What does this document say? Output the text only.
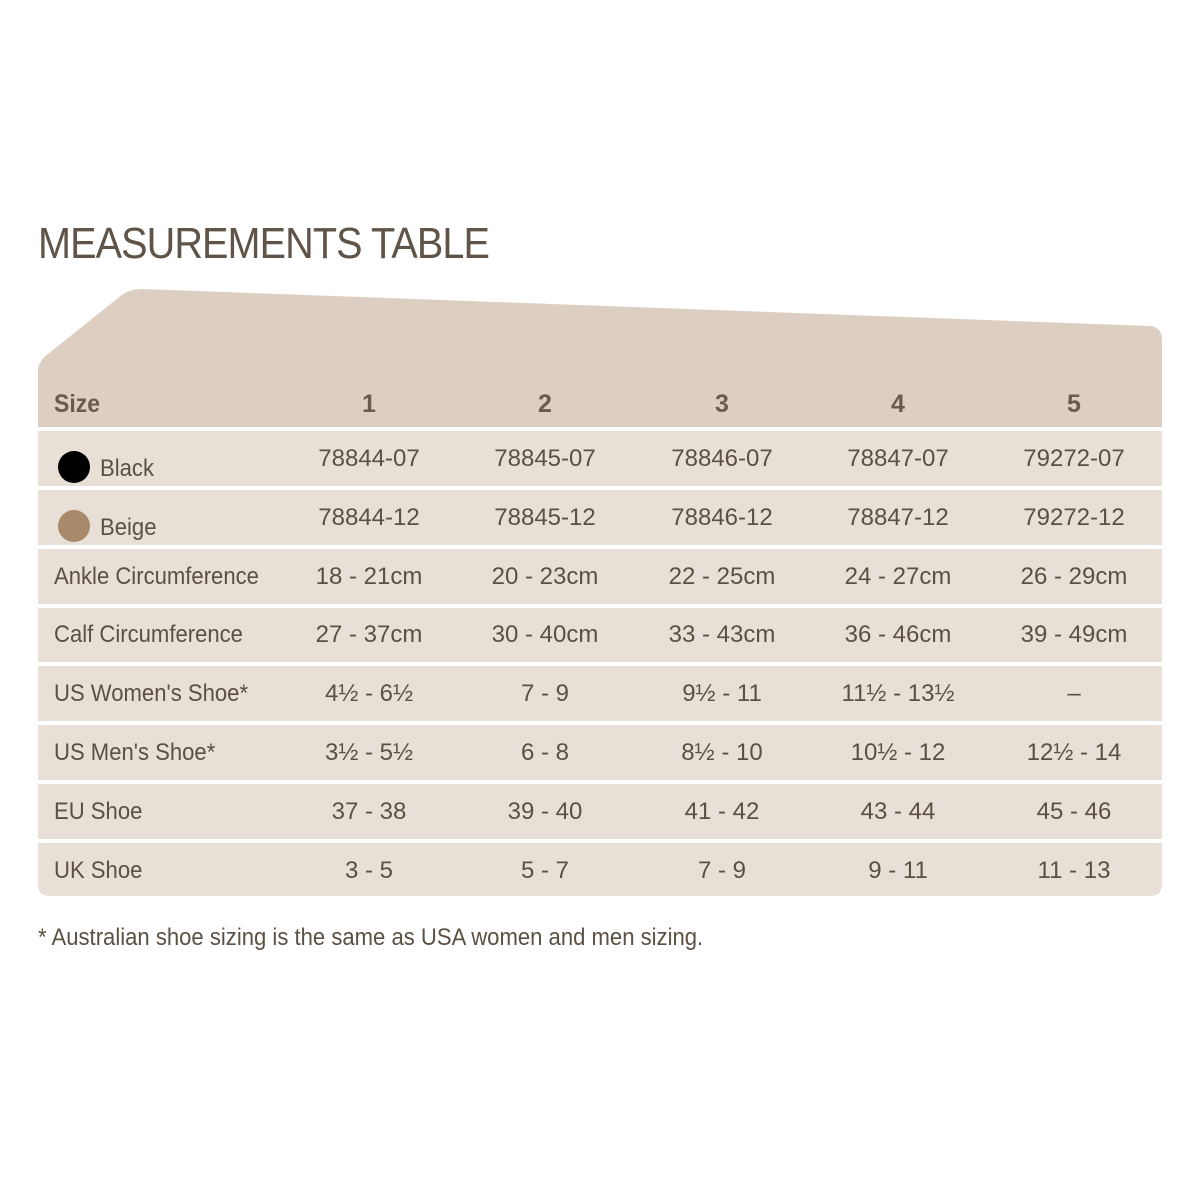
MEASUREMENTS TABLE
Size	1	2	3	4	5
Black	78844-07	78845-07	78846-07	78847-07	79272-07
Beige	78844-12	78845-12	78846-12	78847-12	79272-12
Ankle Circumference	18 - 21cm	20 - 23cm	22 - 25cm	24 - 27cm	26 - 29cm
Calf Circumference	27 - 37cm	30 - 40cm	33 - 43cm	36 - 46cm	39 - 49cm
US Women's Shoe*	4½ - 6½	7 - 9	9½ - 11	11½ - 13½	–
US Men's Shoe*	3½ - 5½	6 - 8	8½ - 10	10½ - 12	12½ - 14
EU Shoe	37 - 38	39 - 40	41 - 42	43 - 44	45 - 46
UK Shoe	3 - 5	5 - 7	7 - 9	9 - 11	11 - 13
* Australian shoe sizing is the same as USA women and men sizing.
